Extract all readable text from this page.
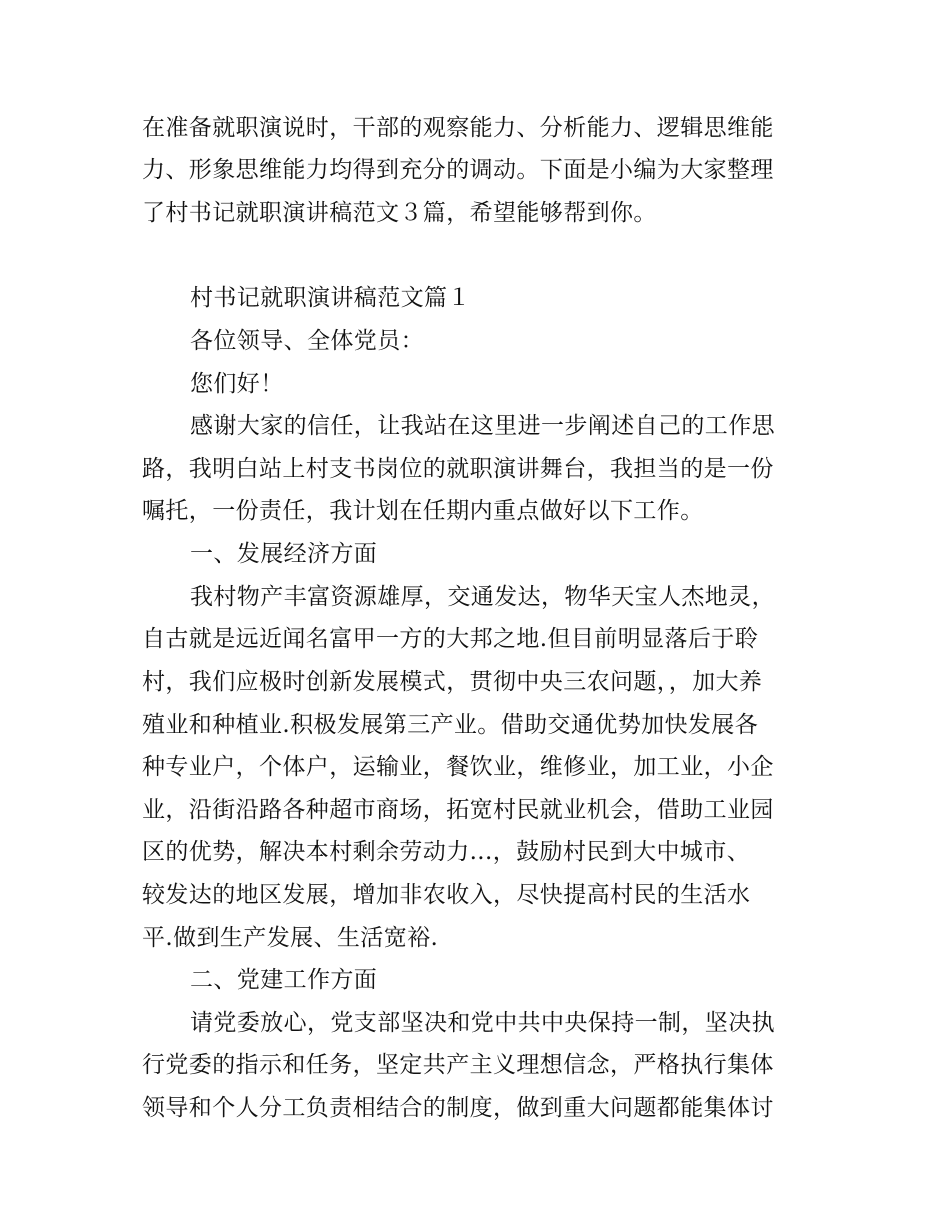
在准备就职演说时，干部的观察能力、分析能力、逻辑思维能
力、形象思维能力均得到充分的调动。下面是小编为大家整理
了村书记就职演讲稿范文３篇，希望能够帮到你。
村书记就职演讲稿范文篇１
各位领导、全体党员：
您们好！
感谢大家的信任，让我站在这里进一步阐述自己的工作思
路，我明白站上村支书岗位的就职演讲舞台，我担当的是一份
嘱托，一份责任，我计划在任期内重点做好以下工作。
一、发展经济方面
我村物产丰富资源雄厚，交通发达，物华天宝人杰地灵，
自古就是远近闻名富甲一方的大邦之地.但目前明显落后于聆
村，我们应极时创新发展模式，贯彻中央三农问题，，加大养
殖业和种植业.积极发展第三产业。借助交通优势加快发展各
种专业户，个体户，运输业，餐饮业，维修业，加工业，小企
业，沿街沿路各种超市商场，拓宽村民就业机会，借助工业园
区的优势，解决本村剩余劳动力...，鼓励村民到大中城市、
较发达的地区发展，增加非农收入，尽快提高村民的生活水
平.做到生产发展、生活宽裕.
二、党建工作方面
请党委放心，党支部坚决和党中共中央保持一制，坚决执
行党委的指示和任务，坚定共产主义理想信念，严格执行集体
领导和个人分工负责相结合的制度，做到重大问题都能集体讨
